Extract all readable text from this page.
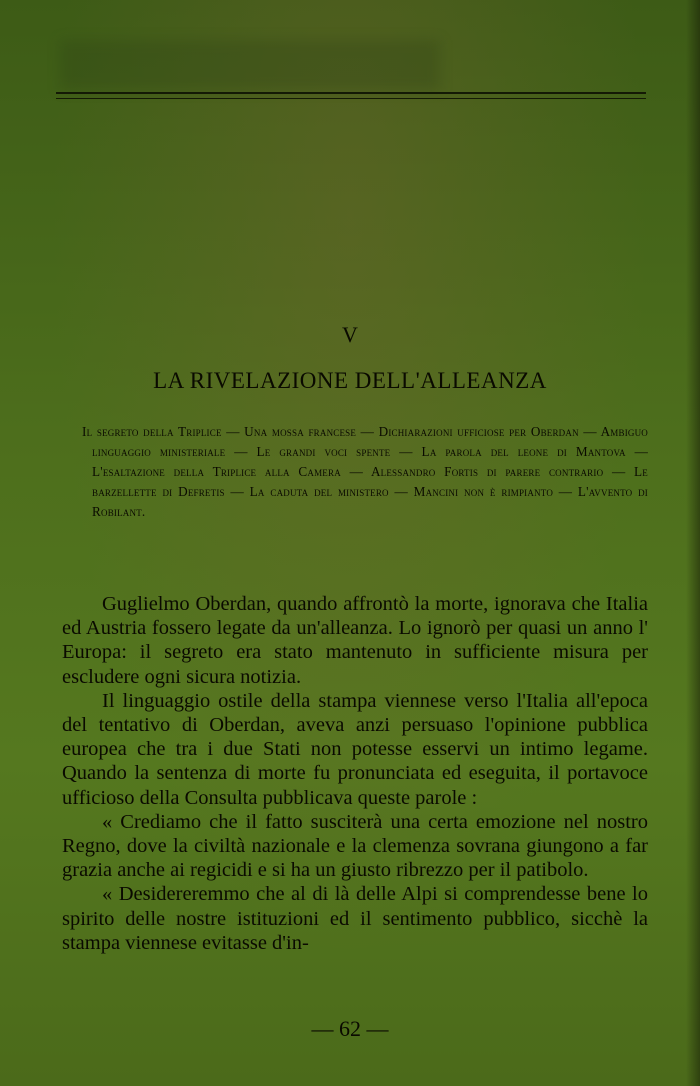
V
LA RIVELAZIONE DELL'ALLEANZA
Il segreto della Triplice — Una mossa francese — Dichiarazioni ufficiose per Oberdan — Ambiguo linguaggio ministeriale — Le grandi voci spente — La parola del leone di Mantova — L'esaltazione della Triplice alla Camera — Alessandro Fortis di parere contrario — Le barzellette di Defretis — La caduta del ministero — Mancini non è rimpianto — L'avvento di Robilant.

Guglielmo Oberdan, quando affrontò la morte, ignorava che Italia ed Austria fossero legate da un'alleanza. Lo ignorò per quasi un anno l' Europa: il segreto era stato mantenuto in sufficiente misura per escludere ogni sicura notizia.

Il linguaggio ostile della stampa viennese verso l'Italia all'epoca del tentativo di Oberdan, aveva anzi persuaso l'opinione pubblica europea che tra i due Stati non potesse esservi un intimo legame. Quando la sentenza di morte fu pronunciata ed eseguita, il portavoce ufficioso della Consulta pubblicava queste parole :

« Crediamo che il fatto susciterà una certa emozione nel nostro Regno, dove la civiltà nazionale e la clemenza sovrana giungono a far grazia anche ai regicidi e si ha un giusto ribrezzo per il patibolo.

« Desidereremmo che al di là delle Alpi si comprendesse bene lo spirito delle nostre istituzioni ed il sentimento pubblico, sicchè la stampa viennese evitasse d'in-

— 62 —
